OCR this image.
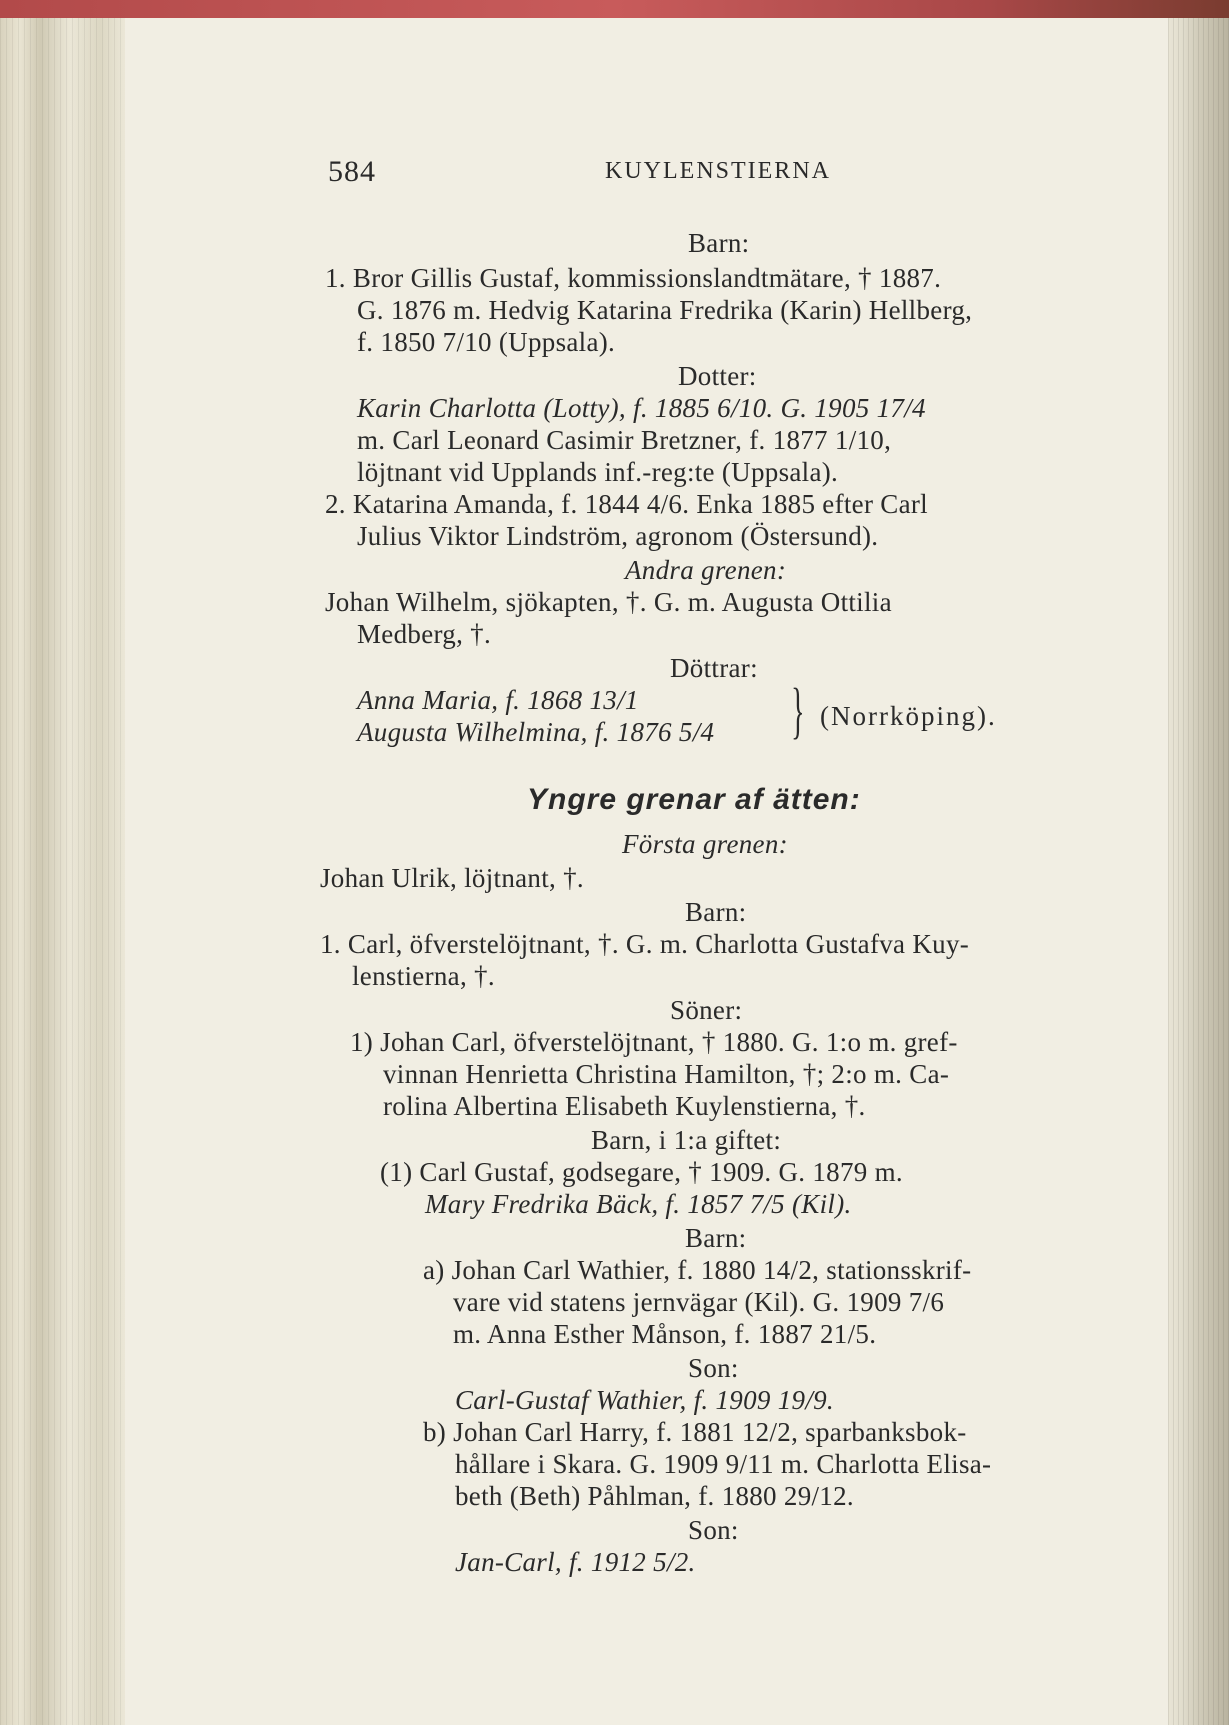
584	KUYLENSTIERNA
Barn:
1. Bror Gillis Gustaf, kommissionslandtmätare, † 1887.
G. 1876 m. Hedvig Katarina Fredrika (Karin) Hellberg,
f. 1850 7/10 (Uppsala).
Dotter:
Karin Charlotta (Lotty), f. 1885 6/10. G. 1905 17/4
m. Carl Leonard Casimir Bretzner, f. 1877 1/10,
löjtnant vid Upplands inf.-reg:te (Uppsala).
2. Katarina Amanda, f. 1844 4/6. Enka 1885 efter Carl
Julius Viktor Lindström, agronom (Östersund).
Andra grenen:
Johan Wilhelm, sjökapten, †. G. m. Augusta Ottilia
Medberg, †.
Döttrar:
Anna Maria, f. 1868 13/1
Augusta Wilhelmina, f. 1876 5/4 } (Norrköping).
Yngre grenar af ätten:
Första grenen:
Johan Ulrik, löjtnant, †.
Barn:
1. Carl, öfverstelöjtnant, †. G. m. Charlotta Gustafva Kuy-
lenstierna, †.
Söner:
1) Johan Carl, öfverstelöjtnant, † 1880. G. 1:o m. gref-
vinnan Henrietta Christina Hamilton, †; 2:o m. Ca-
rolina Albertina Elisabeth Kuylenstierna, †.
Barn, i 1:a giftet:
(1) Carl Gustaf, godsegare, † 1909. G. 1879 m.
Mary Fredrika Bäck, f. 1857 7/5 (Kil).
Barn:
a) Johan Carl Wathier, f. 1880 14/2, stationsskrif-
vare vid statens jernvägar (Kil). G. 1909 7/6
m. Anna Esther Månson, f. 1887 21/5.
Son:
Carl-Gustaf Wathier, f. 1909 19/9.
b) Johan Carl Harry, f. 1881 12/2, sparbanksbok-
hållare i Skara. G. 1909 9/11 m. Charlotta Elisa-
beth (Beth) Påhlman, f. 1880 29/12.
Son:
Jan-Carl, f. 1912 5/2.
